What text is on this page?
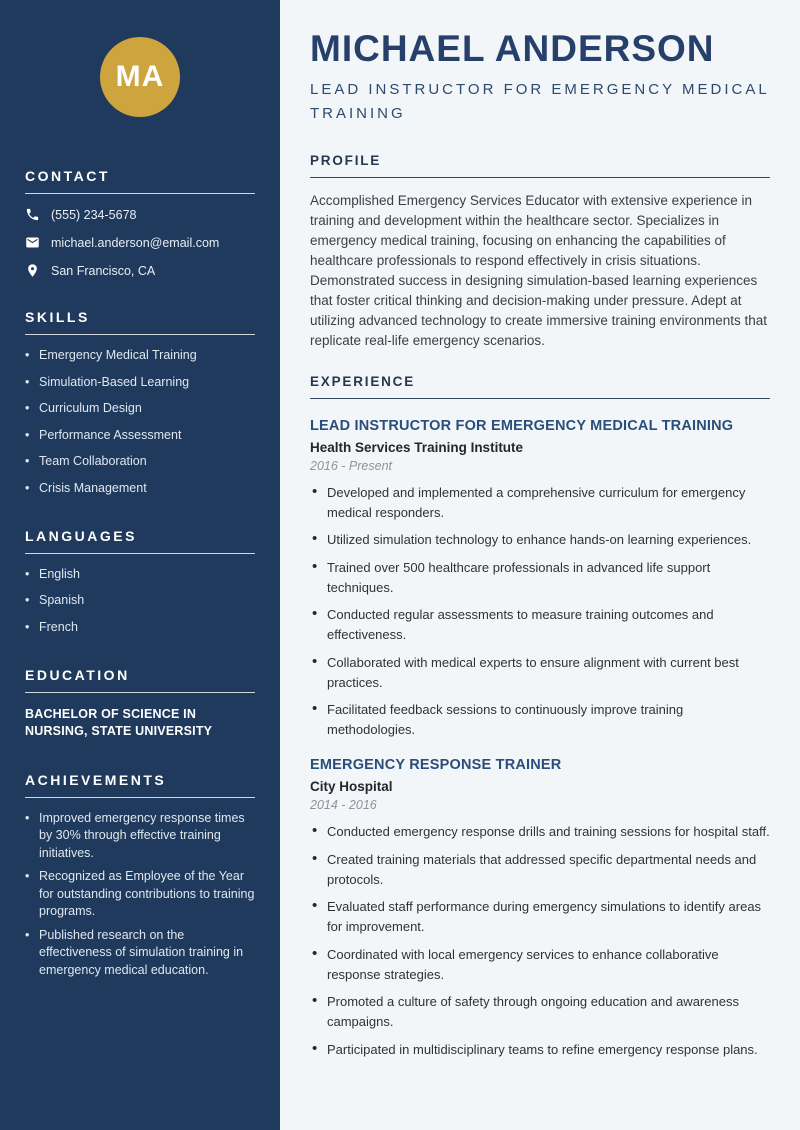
MA
CONTACT
(555) 234-5678
michael.anderson@email.com
San Francisco, CA
SKILLS
• Emergency Medical Training
• Simulation-Based Learning
• Curriculum Design
• Performance Assessment
• Team Collaboration
• Crisis Management
LANGUAGES
• English
• Spanish
• French
EDUCATION
BACHELOR OF SCIENCE IN NURSING, STATE UNIVERSITY
ACHIEVEMENTS
• Improved emergency response times by 30% through effective training initiatives.
• Recognized as Employee of the Year for outstanding contributions to training programs.
• Published research on the effectiveness of simulation training in emergency medical education.
MICHAEL ANDERSON
LEAD INSTRUCTOR FOR EMERGENCY MEDICAL TRAINING
PROFILE

Accomplished Emergency Services Educator with extensive experience in training and development within the healthcare sector. Specializes in emergency medical training, focusing on enhancing the capabilities of healthcare professionals to respond effectively in crisis situations. Demonstrated success in designing simulation-based learning experiences that foster critical thinking and decision-making under pressure. Adept at utilizing advanced technology to create immersive training environments that replicate real-life emergency scenarios.

EXPERIENCE
LEAD INSTRUCTOR FOR EMERGENCY MEDICAL TRAINING
Health Services Training Institute
2016 - Present
• Developed and implemented a comprehensive curriculum for emergency medical responders.
• Utilized simulation technology to enhance hands-on learning experiences.
• Trained over 500 healthcare professionals in advanced life support techniques.
• Conducted regular assessments to measure training outcomes and effectiveness.
• Collaborated with medical experts to ensure alignment with current best practices.
• Facilitated feedback sessions to continuously improve training methodologies.
EMERGENCY RESPONSE TRAINER
City Hospital
2014 - 2016
• Conducted emergency response drills and training sessions for hospital staff.
• Created training materials that addressed specific departmental needs and protocols.
• Evaluated staff performance during emergency simulations to identify areas for improvement.
• Coordinated with local emergency services to enhance collaborative response strategies.
• Promoted a culture of safety through ongoing education and awareness campaigns.
• Participated in multidisciplinary teams to refine emergency response plans.
